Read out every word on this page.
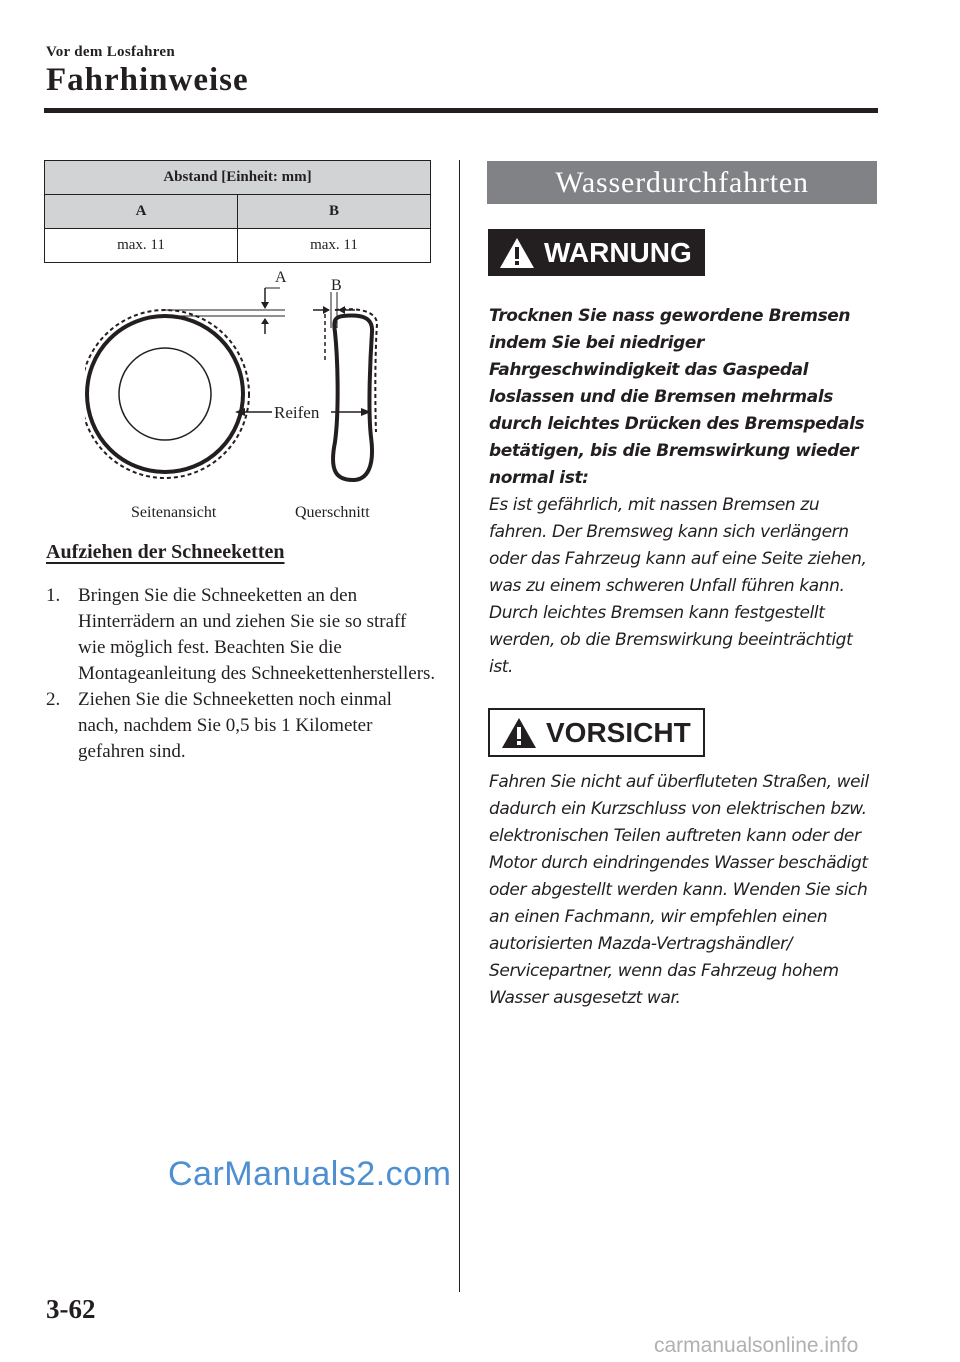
Vor dem Losfahren
Fahrhinweise
Abstand [Einheit: mm]	
A	B
max. 11	max. 11
A	B
Reifen
Seitenansicht	Querschnitt
Aufziehen der Schneeketten
1. Bringen Sie die Schneeketten an den Hinterrädern an und ziehen Sie sie so straff wie möglich fest. Beachten Sie die Montageanleitung des Schneekettenherstellers.
2. Ziehen Sie die Schneeketten noch einmal nach, nachdem Sie 0,5 bis 1 Kilometer gefahren sind.
Wasserdurchfahrten
WARNUNG
Trocknen Sie nass gewordene Bremsen indem Sie bei niedriger Fahrgeschwindigkeit das Gaspedal loslassen und die Bremsen mehrmals durch leichtes Drücken des Bremspedals betätigen, bis die Bremswirkung wieder normal ist:
Es ist gefährlich, mit nassen Bremsen zu fahren. Der Bremsweg kann sich verlängern oder das Fahrzeug kann auf eine Seite ziehen, was zu einem schweren Unfall führen kann. Durch leichtes Bremsen kann festgestellt werden, ob die Bremswirkung beeinträchtigt ist.
VORSICHT
Fahren Sie nicht auf überfluteten Straßen, weil dadurch ein Kurzschluss von elektrischen bzw. elektronischen Teilen auftreten kann oder der Motor durch eindringendes Wasser beschädigt oder abgestellt werden kann. Wenden Sie sich an einen Fachmann, wir empfehlen einen autorisierten Mazda-Vertragshändler/ Servicepartner, wenn das Fahrzeug hohem Wasser ausgesetzt war.
CarManuals2.com
3-62
carmanualsonline.info
